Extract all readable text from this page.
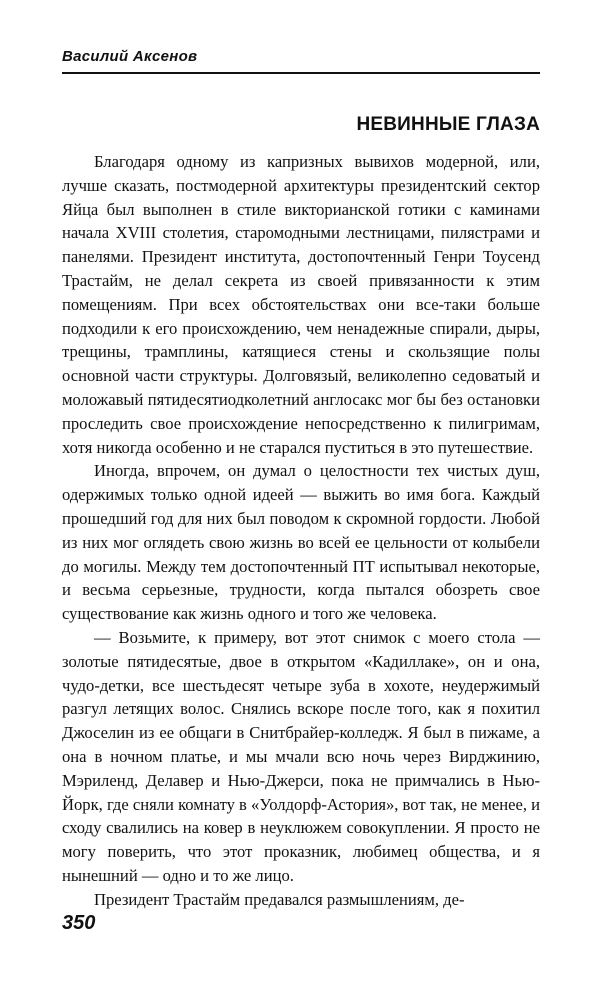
Василий Аксенов
НЕВИННЫЕ ГЛАЗА

Благодаря одному из капризных вывихов модерной, или, лучше сказать, постмодерной архитектуры президентский сектор Яйца был выполнен в стиле викторианской готики с каминами начала XVIII столетия, старомодными лестницами, пилястрами и панелями. Президент института, достопочтенный Генри Тоусенд Трастайм, не делал секрета из своей привязанности к этим помещениям. При всех обстоятельствах они все-таки больше подходили к его происхождению, чем ненадежные спирали, дыры, трещины, трамплины, катящиеся стены и скользящие полы основной части структуры. Долговязый, великолепно седоватый и моложавый пятидесятиодколетний англосакс мог бы без остановки проследить свое происхождение непосредственно к пилигримам, хотя никогда особенно и не старался пуститься в это путешествие.

Иногда, впрочем, он думал о целостности тех чистых душ, одержимых только одной идеей — выжить во имя бога. Каждый прошедший год для них был поводом к скромной гордости. Любой из них мог оглядеть свою жизнь во всей ее цельности от колыбели до могилы. Между тем достопочтенный ПТ испытывал некоторые, и весьма серьезные, трудности, когда пытался обозреть свое существование как жизнь одного и того же человека.

— Возьмите, к примеру, вот этот снимок с моего стола — золотые пятидесятые, двое в открытом «Кадиллаке», он и она, чудо-детки, все шестьдесят четыре зуба в хохоте, неудержимый разгул летящих волос. Снялись вскоре после того, как я похитил Джоселин из ее общаги в Снитбрайер-колледж. Я был в пижаме, а она в ночном платье, и мы мчали всю ночь через Вирджинию, Мэриленд, Делавер и Нью-Джерси, пока не примчались в Нью-Йорк, где сняли комнату в «Уолдорф-Астория», вот так, не менее, и сходу свалились на ковер в неуклюжем совокуплении. Я просто не могу поверить, что этот проказник, любимец общества, и я нынешний — одно и то же лицо.

Президент Трастайм предавался размышлениям, де-

350
